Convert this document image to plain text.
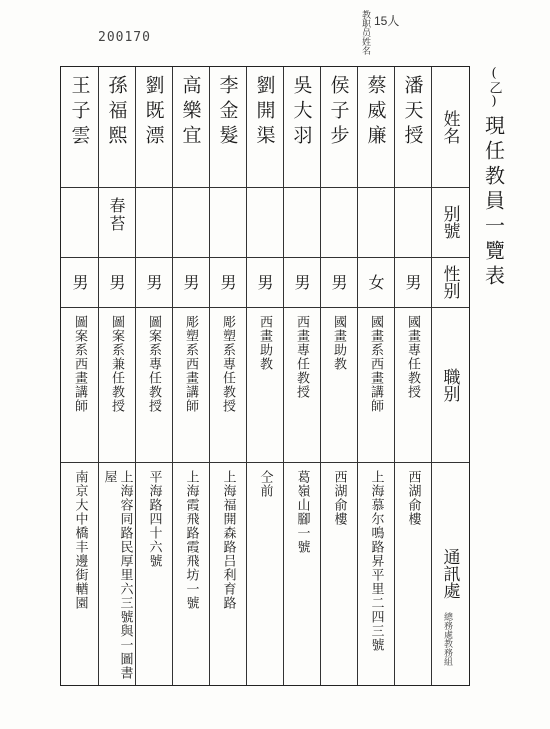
200170	教职员姓名 15人
(乙)
現任教員一覽表
姓名
别號
性别
職别
通訊處
潘天授
男
國畫專任教授
西湖俞樓
蔡威廉
女
國畫系西畫講師
上海慕尔鳴路昇平里二四三號
侯子步
男
國畫助教
西湖俞樓
吳大羽
男
西畫專任教授
葛嶺山腳一號
劉開渠
男
西畫助教
仝前
李金髮
男
彫塑系專任教授
上海福開森路吕利育路
高樂宜
男
彫塑系西畫講師
上海霞飛路霞飛坊一號
劉既漂
男
圖案系專任教授
平海路四十六號
孫福熙
春苔
男
圖案系兼任教授
上海容同路民厚里六三號與一圖書屋
王子雲
男
圖案系西畫講師
南京大中橋丰邊街輶園
總務處教務組
